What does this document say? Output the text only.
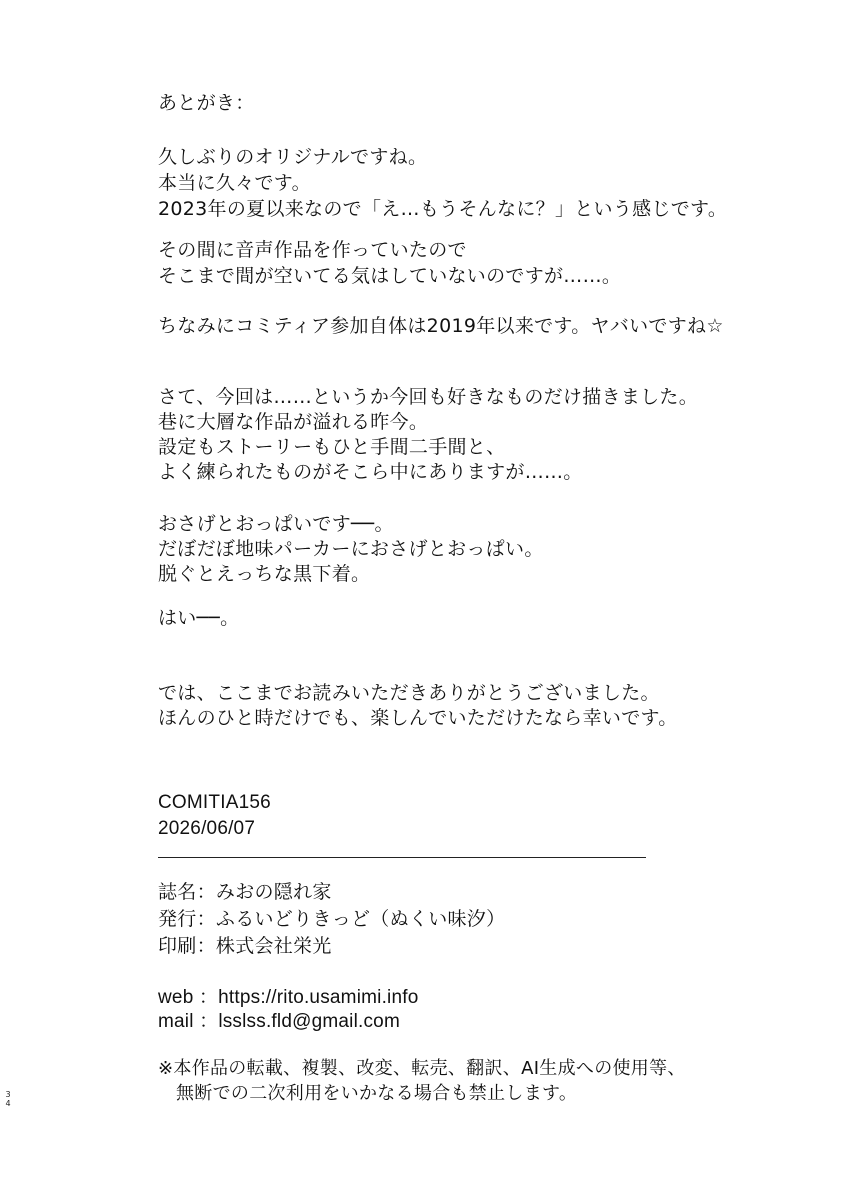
あとがき：

久しぶりのオリジナルですね。

本当に久々です。

2023年の夏以来なので「え…もうそんなに？」という感じです。

その間に音声作品を作っていたので

そこまで間が空いてる気はしていないのですが……。

ちなみにコミティア参加自体は2019年以来です。ヤバいですね☆

さて、今回は……というか今回も好きなものだけ描きました。

巷に大層な作品が溢れる昨今。

設定もストーリーもひと手間二手間と、

よく練られたものがそこら中にありますが……。

おさげとおっぱいです──。

だぼだぼ地味パーカーにおさげとおっぱい。

脱ぐとえっちな黒下着。

はい──。

では、ここまでお読みいただきありがとうございました。

ほんのひと時だけでも、楽しんでいただけたなら幸いです。

COMITIA156

2026/06/07

誌名：みおの隠れ家

発行：ふるいどりきっど（ぬくい味汐）

印刷：株式会社栄光

web ：https://rito.usamimi.info

mail ：lsslss.fld@gmail.com

※本作品の転載、複製、改変、転売、翻訳、AI生成への使用等、

無断での二次利用をいかなる場合も禁止します。

3
4
